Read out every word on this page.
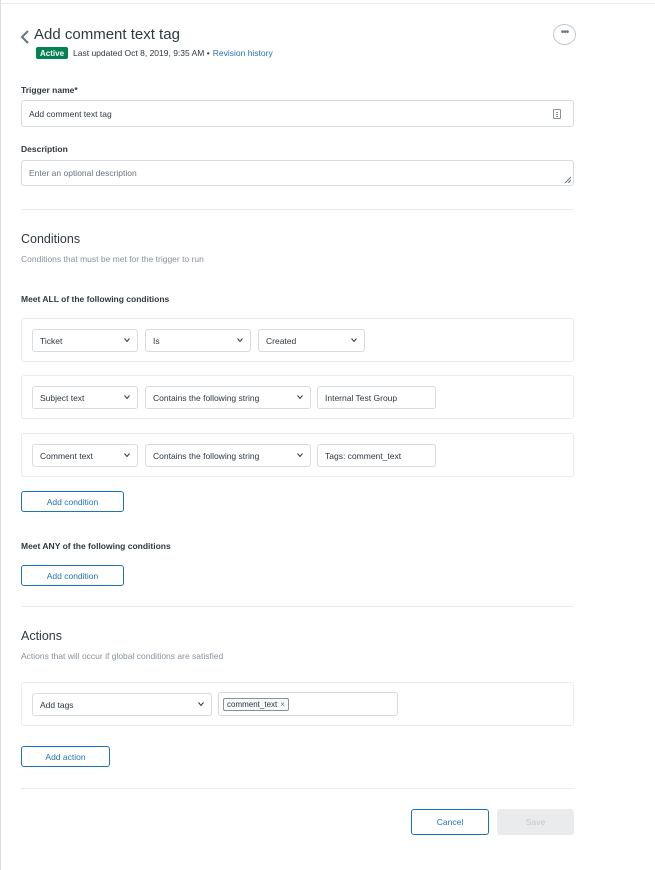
Add comment text tag	•••
Active	Last updated Oct 8, 2019, 9:35 AM • Revision history
Trigger name*
Add comment text tag
Description
Enter an optional description
Conditions
Conditions that must be met for the trigger to run
Meet ALL of the following conditions
Ticket	Is	Created
Subject text	Contains the following string	Internal Test Group
Comment text	Contains the following string	Tags: comment_text
Add condition
Meet ANY of the following conditions
Add condition
Actions
Actions that will occur if global conditions are satisfied
Add tags	comment_text ×
Add action
Cancel	Save
